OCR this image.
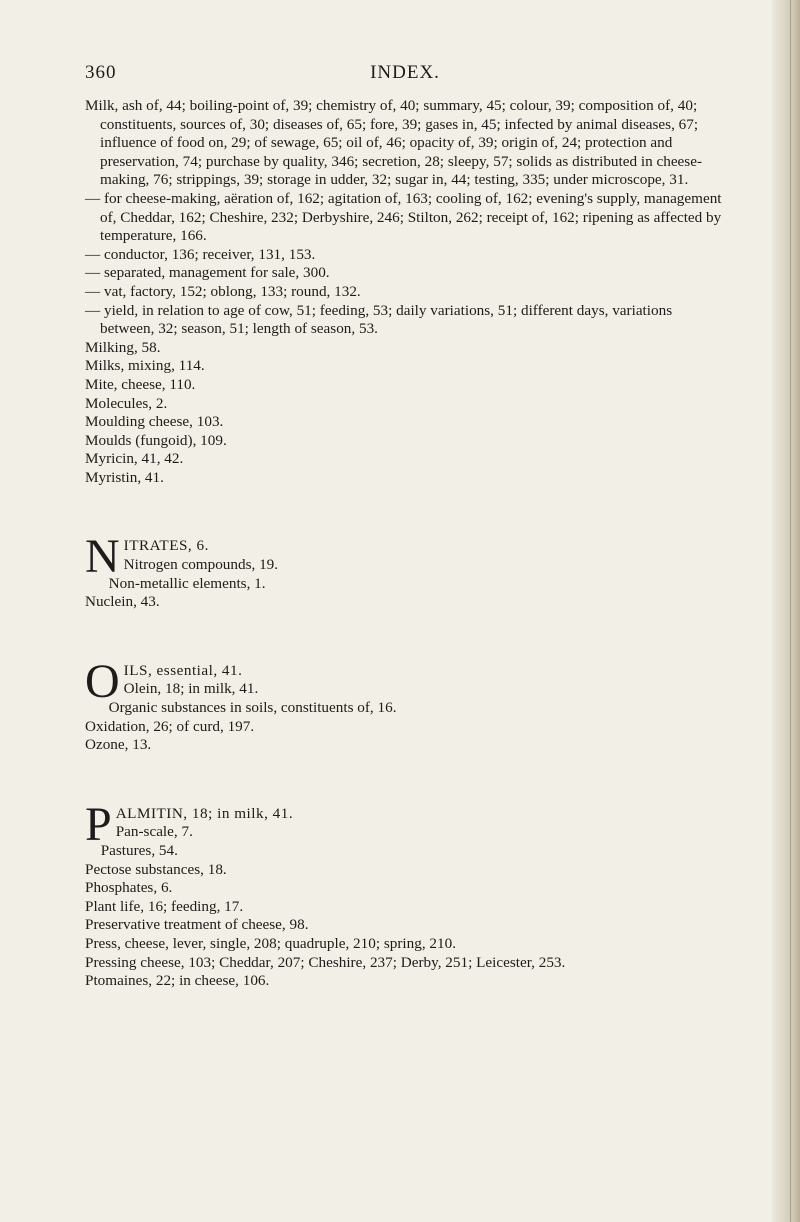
360	INDEX.

Milk, ash of, 44; boiling-point of, 39; chemistry of, 40; summary, 45; colour, 39; composition of, 40; constituents, sources of, 30; diseases of, 65; fore, 39; gases in, 45; infected by animal diseases, 67; influence of food on, 29; of sewage, 65; oil of, 46; opacity of, 39; origin of, 24; protection and preservation, 74; purchase by quality, 346; secretion, 28; sleepy, 57; solids as distributed in cheese-making, 76; strippings, 39; storage in udder, 32; sugar in, 44; testing, 335; under microscope, 31.

— for cheese-making, aëration of, 162; agitation of, 163; cooling of, 162; evening's supply, management of, Cheddar, 162; Cheshire, 232; Derbyshire, 246; Stilton, 262; receipt of, 162; ripening as affected by temperature, 166.

— conductor, 136; receiver, 131, 153.

— separated, management for sale, 300.

— vat, factory, 152; oblong, 133; round, 132.

— yield, in relation to age of cow, 51; feeding, 53; daily variations, 51; different days, variations between, 32; season, 51; length of season, 53.

Milking, 58.

Milks, mixing, 114.

Mite, cheese, 110.

Molecules, 2.

Moulding cheese, 103.

Moulds (fungoid), 109.

Myricin, 41, 42.

Myristin, 41.

N ITRATES, 6.
Nitrogen compounds, 19.

Non-metallic elements, 1.

Nuclein, 43.

O ILS, essential, 41.
Olein, 18; in milk, 41.

Organic substances in soils, constituents of, 16.

Oxidation, 26; of curd, 197.

Ozone, 13.

P ALMITIN, 18; in milk, 41.
Pan-scale, 7.

Pastures, 54.

Pectose substances, 18.

Phosphates, 6.

Plant life, 16; feeding, 17.

Preservative treatment of cheese, 98.

Press, cheese, lever, single, 208; quadruple, 210; spring, 210.

Pressing cheese, 103; Cheddar, 207; Cheshire, 237; Derby, 251; Leicester, 253.

Ptomaines, 22; in cheese, 106.
